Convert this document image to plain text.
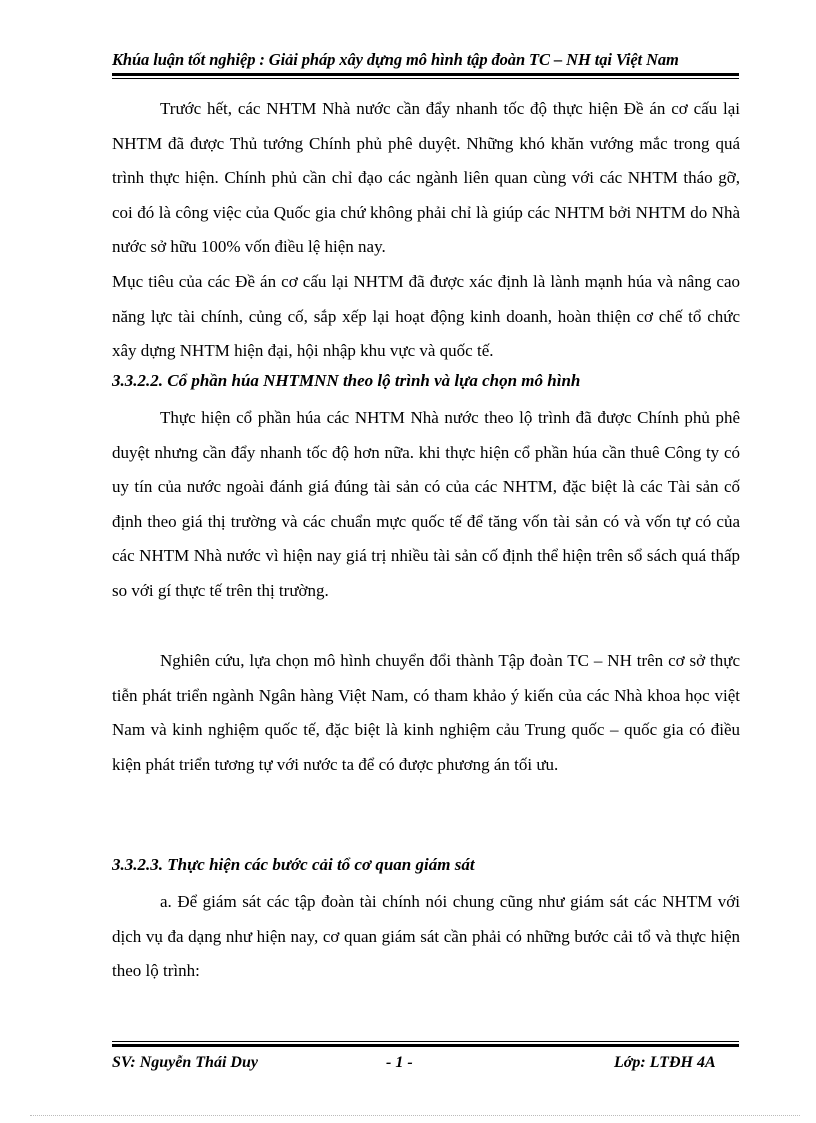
Khúa luận tốt nghiệp : Giải pháp xây dựng mô hình tập đoàn TC – NH tại Việt Nam

Trước hết, các NHTM Nhà nước cần đẩy nhanh tốc độ thực hiện Đề án cơ cấu lại NHTM đã được Thủ tướng Chính phủ phê duyệt. Những khó khăn vướng mắc trong quá trình thực hiện. Chính phủ cần chỉ đạo các ngành liên quan cùng với các NHTM tháo gỡ, coi đó là công việc của Quốc gia chứ không phải chỉ là giúp các NHTM bởi NHTM do Nhà nước sở hữu 100% vốn điều lệ hiện nay.

Mục tiêu của các Đề án cơ cấu lại NHTM đã được xác định là lành mạnh húa và nâng cao năng lực tài chính, củng cố, sắp xếp lại hoạt động kinh doanh, hoàn thiện cơ chế tổ chức xây dựng NHTM hiện đại, hội nhập khu vực và quốc tế.

3.3.2.2. Cổ phần húa NHTMNN theo lộ trình và lựa chọn mô hình

Thực hiện cổ phần húa các NHTM Nhà nước theo lộ trình đã được Chính phủ phê duyệt nhưng cần đẩy nhanh tốc độ hơn nữa. khi thực hiện cổ phần húa cần thuê Công ty có uy tín của nước ngoài đánh giá đúng tài sản có của các NHTM, đặc biệt là các Tài sản cố định theo giá thị trường và các chuẩn mực quốc tế để tăng vốn tài sản có và vốn tự có của các NHTM Nhà nước vì hiện nay giá trị nhiều tài sản cố định thể hiện trên sổ sách quá thấp so với gí thực tế trên thị trường.

Nghiên cứu, lựa chọn mô hình chuyển đổi thành Tập đoàn TC – NH trên cơ sở thực tiễn phát triển ngành Ngân hàng Việt Nam, có tham khảo ý kiến của các Nhà khoa học việt Nam và kinh nghiệm quốc tế, đặc biệt là kinh nghiệm cảu Trung quốc – quốc gia có điều kiện phát triển tương tự với nước ta để có được phương án tối ưu.

3.3.2.3. Thực hiện các bước cải tổ cơ quan giám sát

a. Để giám sát các tập đoàn tài chính nói chung cũng như giám sát các NHTM với dịch vụ đa dạng như hiện nay, cơ quan giám sát cần phải có những bước cải tổ và thực hiện theo lộ trình:

SV: Nguyễn Thái Duy	- 1 -	Lớp: LTĐH 4A
